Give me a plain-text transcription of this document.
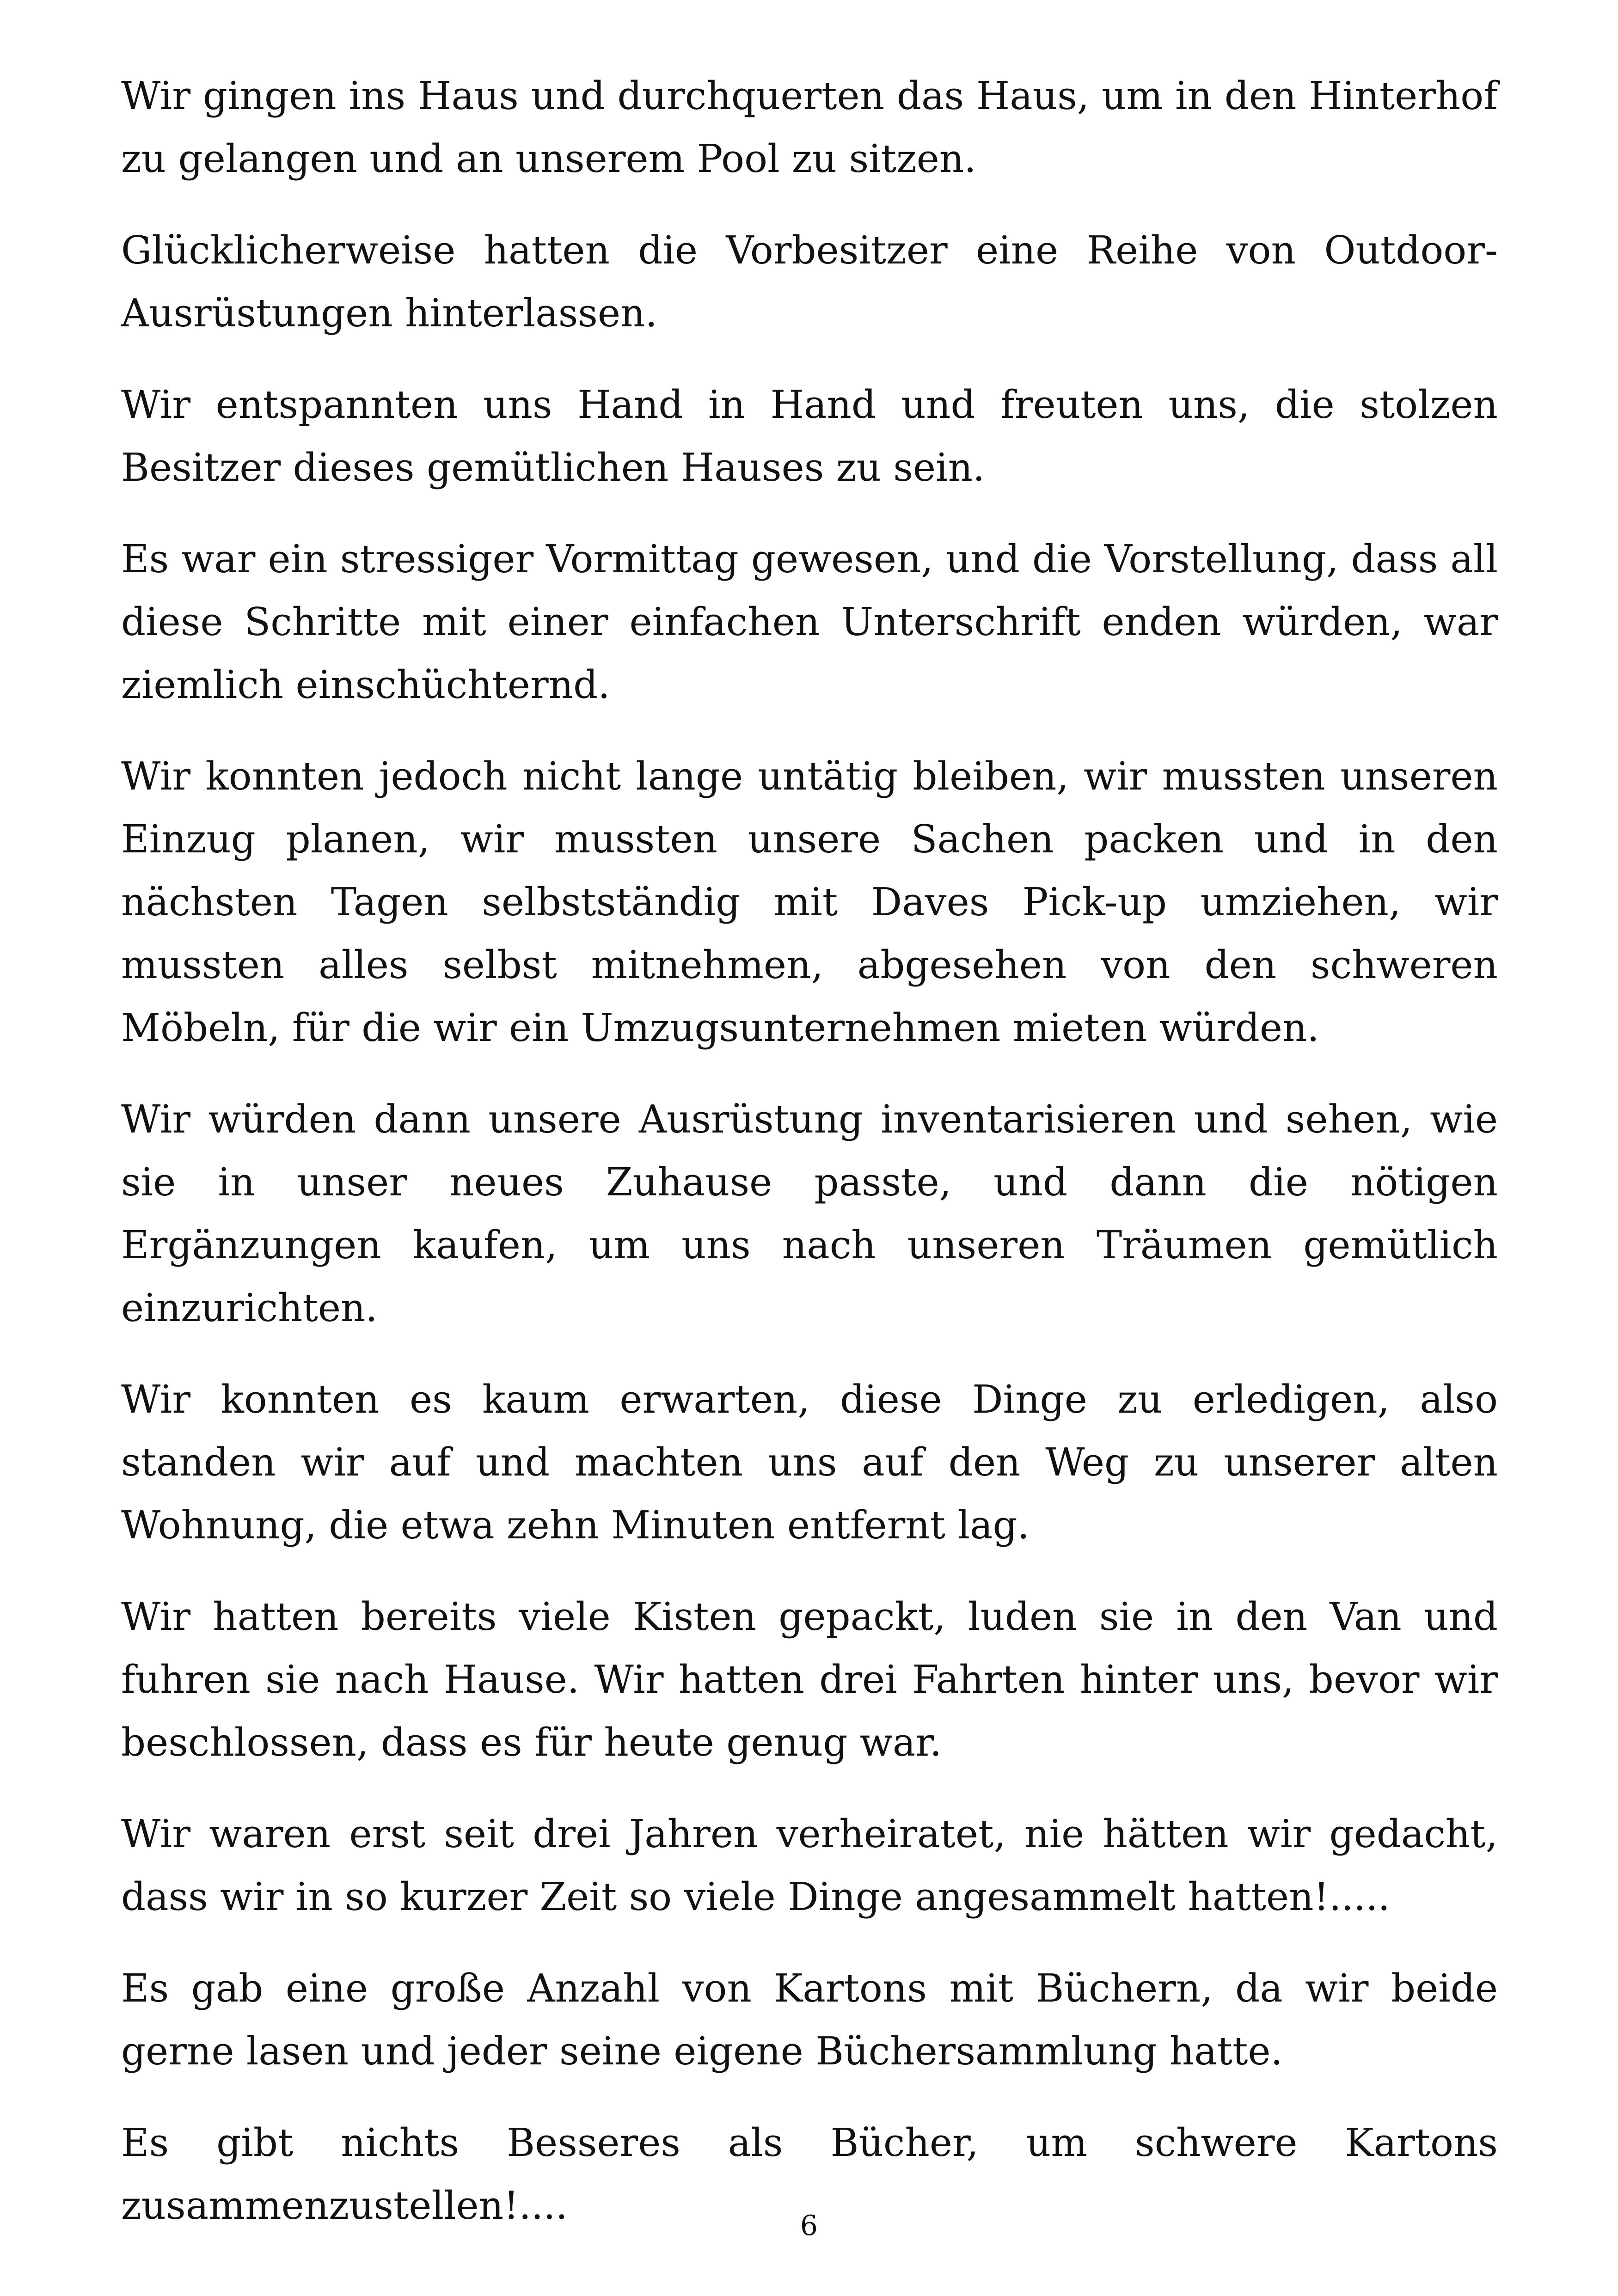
Wir gingen ins Haus und durchquerten das Haus, um in den Hinterhof zu gelangen und an unserem Pool zu sitzen.

Glücklicherweise hatten die Vorbesitzer eine Reihe von Outdoor-Ausrüstungen hinterlassen.

Wir entspannten uns Hand in Hand und freuten uns, die stolzen Besitzer dieses gemütlichen Hauses zu sein.

Es war ein stressiger Vormittag gewesen, und die Vorstellung, dass all diese Schritte mit einer einfachen Unterschrift enden würden, war ziemlich einschüchternd.

Wir konnten jedoch nicht lange untätig bleiben, wir mussten unseren Einzug planen, wir mussten unsere Sachen packen und in den nächsten Tagen selbstständig mit Daves Pick-up umziehen, wir mussten alles selbst mitnehmen, abgesehen von den schweren Möbeln, für die wir ein Umzugsunternehmen mieten würden.

Wir würden dann unsere Ausrüstung inventarisieren und sehen, wie sie in unser neues Zuhause passte, und dann die nötigen Ergänzungen kaufen, um uns nach unseren Träumen gemütlich einzurichten.

Wir konnten es kaum erwarten, diese Dinge zu erledigen, also standen wir auf und machten uns auf den Weg zu unserer alten Wohnung, die etwa zehn Minuten entfernt lag.

Wir hatten bereits viele Kisten gepackt, luden sie in den Van und fuhren sie nach Hause. Wir hatten drei Fahrten hinter uns, bevor wir beschlossen, dass es für heute genug war.

Wir waren erst seit drei Jahren verheiratet, nie hätten wir gedacht, dass wir in so kurzer Zeit so viele Dinge angesammelt hatten!.....

Es gab eine große Anzahl von Kartons mit Büchern, da wir beide gerne lasen und jeder seine eigene Büchersammlung hatte.

Es gibt nichts Besseres als Bücher, um schwere Kartons zusammenzustellen!....	6
